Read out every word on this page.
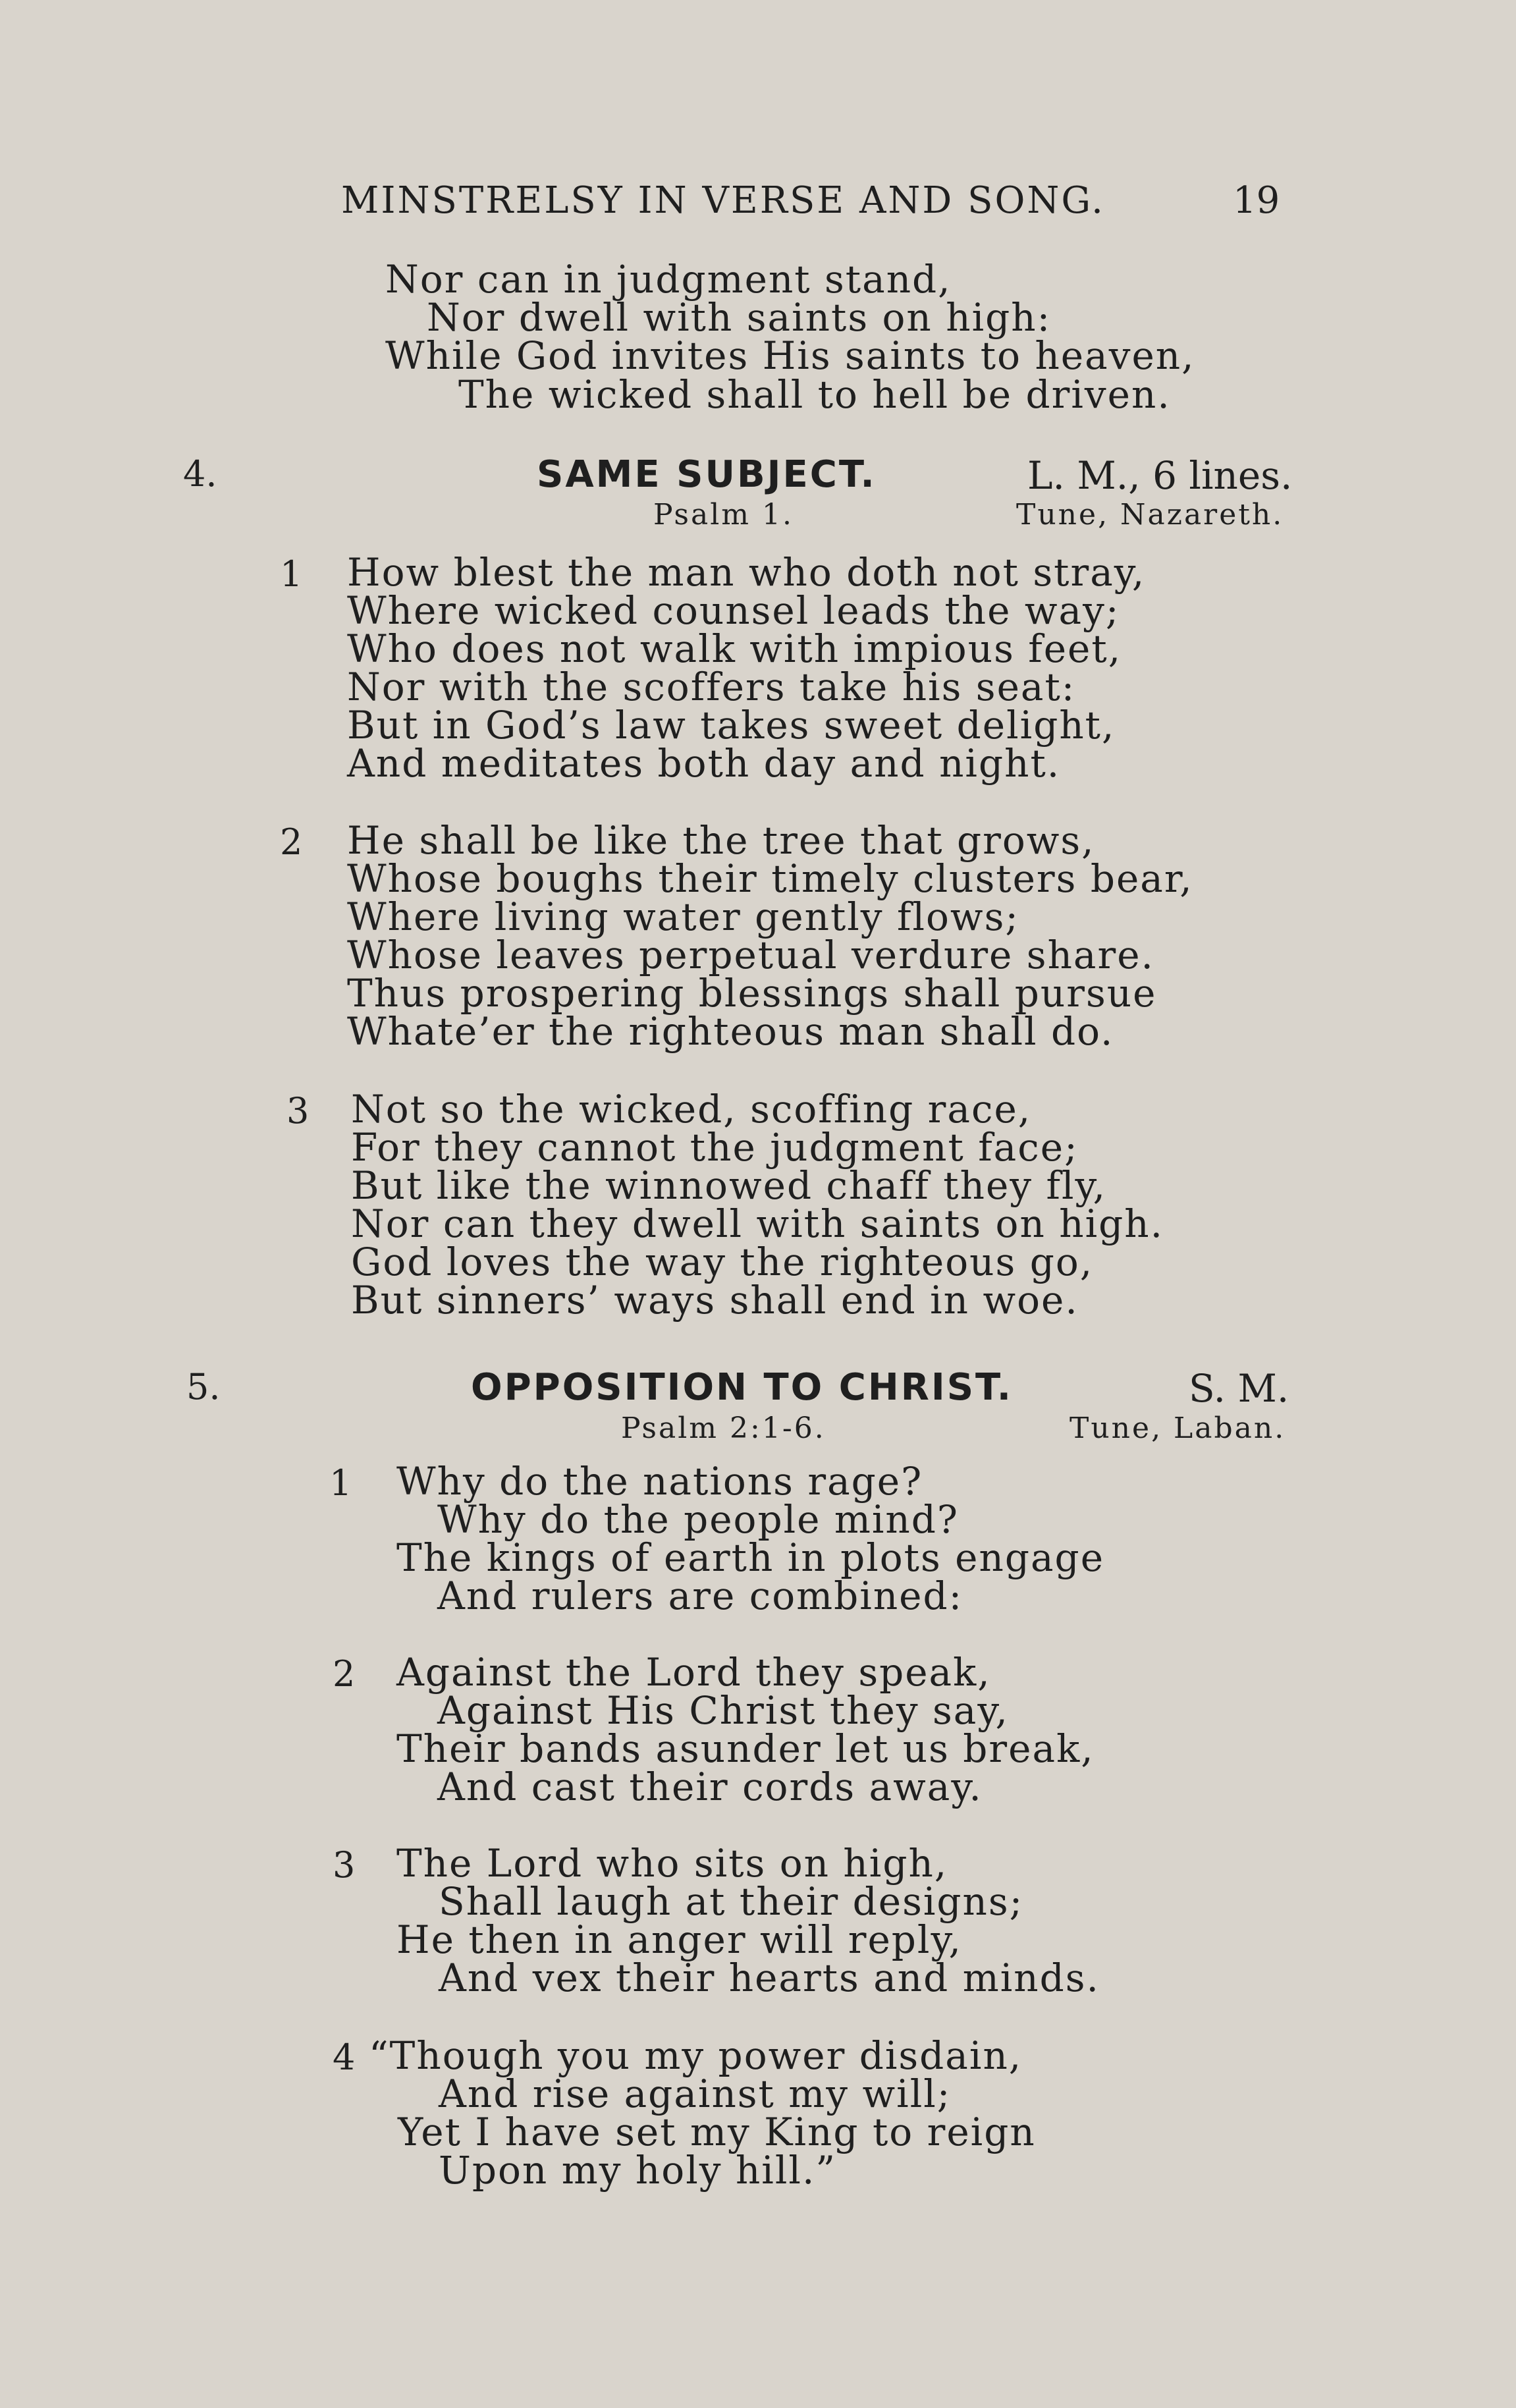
MINSTRELSY IN VERSE AND SONG.	19
Nor can in judgment stand,
Nor dwell with saints on high:
While God invites His saints to heaven,
The wicked shall to hell be driven.
4.	SAME SUBJECT.	L. M., 6 lines.
Psalm 1.	Tune, Nazareth.
1 How blest the man who doth not stray,
Where wicked counsel leads the way;
Who does not walk with impious feet,
Nor with the scoffers take his seat:
But in God’s law takes sweet delight,
And meditates both day and night.
2 He shall be like the tree that grows,
Whose boughs their timely clusters bear,
Where living water gently flows;
Whose leaves perpetual verdure share.
Thus prospering blessings shall pursue
Whate’er the righteous man shall do.
3 Not so the wicked, scoffing race,
For they cannot the judgment face;
But like the winnowed chaff they fly,
Nor can they dwell with saints on high.
God loves the way the righteous go,
But sinners’ ways shall end in woe.
5.	OPPOSITION TO CHRIST.	S. M.
Psalm 2:1-6.	Tune, Laban.
1 Why do the nations rage?
Why do the people mind?
The kings of earth in plots engage
And rulers are combined:
2 Against the Lord they speak,
Against His Christ they say,
Their bands asunder let us break,
And cast their cords away.
3 The Lord who sits on high,
Shall laugh at their designs;
He then in anger will reply,
And vex their hearts and minds.
4 “Though you my power disdain,
And rise against my will;
Yet I have set my King to reign
Upon my holy hill.”
